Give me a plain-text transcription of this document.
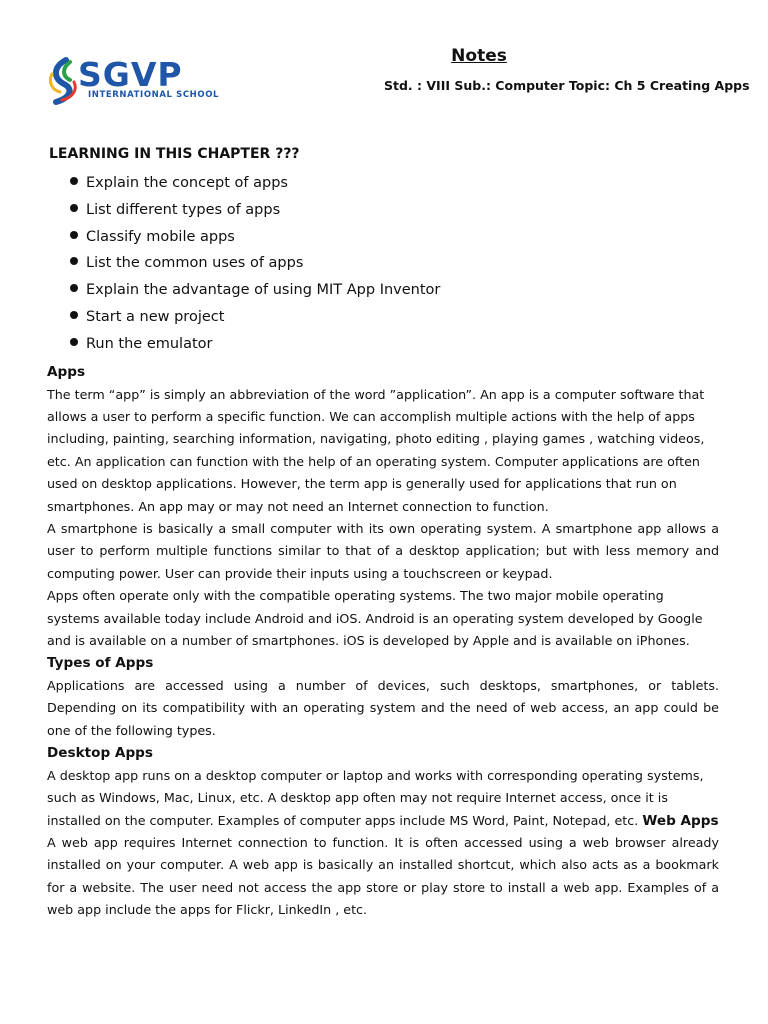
SGVP
INTERNATIONAL SCHOOL
Notes
Std. : VIII Sub.: Computer Topic: Ch 5 Creating Apps
LEARNING IN THIS CHAPTER ???
Explain the concept of apps
List different types of apps
Classify mobile apps
List the common uses of apps
Explain the advantage of using MIT App Inventor
Start a new project
Run the emulator
Apps

The term “app” is simply an abbreviation of the word ”application”. An app is a computer software that allows a user to perform a specific function. We can accomplish multiple actions with the help of apps including, painting, searching information, navigating, photo editing , playing games , watching videos, etc. An application can function with the help of an operating system. Computer applications are often used on desktop applications. However, the term app is generally used for applications that run on smartphones. An app may or may not need an Internet connection to function.

A smartphone is basically a small computer with its own operating system. A smartphone app allows a user to perform multiple functions similar to that of a desktop application; but with less memory and computing power. User can provide their inputs using a touchscreen or keypad.

Apps often operate only with the compatible operating systems. The two major mobile operating systems available today include Android and iOS. Android is an operating system developed by Google and is available on a number of smartphones. iOS is developed by Apple and is available on iPhones. Types of Apps

Applications are accessed using a number of devices, such desktops, smartphones, or tablets. Depending on its compatibility with an operating system and the need of web access, an app could be one of the following types.

Desktop Apps

A desktop app runs on a desktop computer or laptop and works with corresponding operating systems, such as Windows, Mac, Linux, etc. A desktop app often may not require Internet access, once it is installed on the computer. Examples of computer apps include MS Word, Paint, Notepad, etc. Web Apps

A web app requires Internet connection to function. It is often accessed using a web browser already installed on your computer. A web app is basically an installed shortcut, which also acts as a bookmark for a website. The user need not access the app store or play store to install a web app. Examples of a web app include the apps for Flickr, LinkedIn , etc.
